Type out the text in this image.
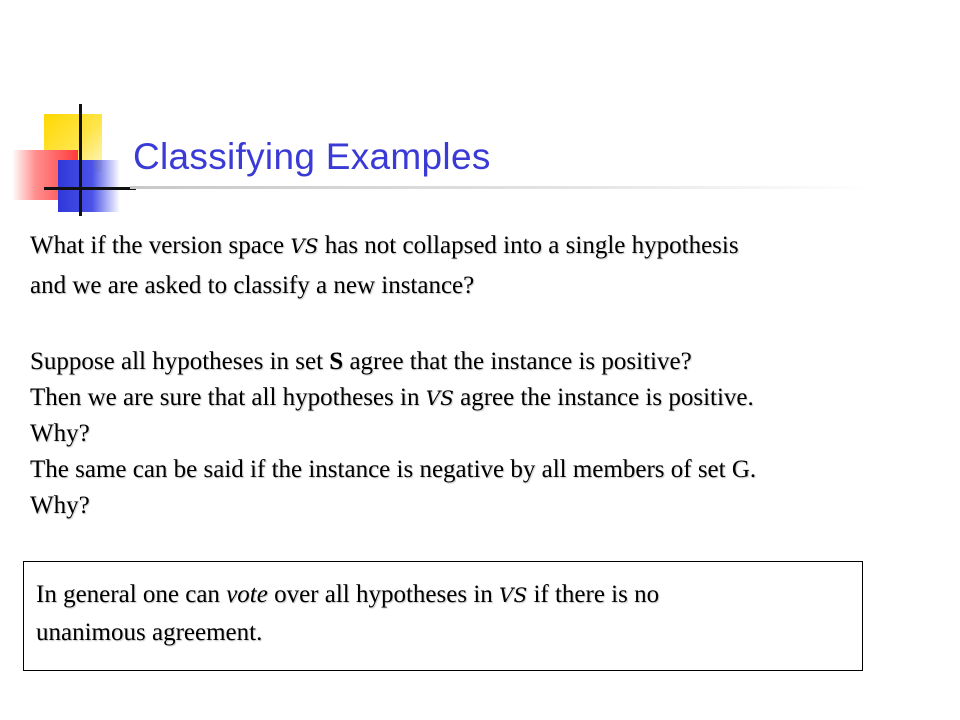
Classifying Examples

What if the version space VS has not collapsed into a single hypothesis
and we are asked to classify a new instance?

Suppose all hypotheses in set S agree that the instance is positive?
Then we are sure that all hypotheses in VS agree the instance is positive.
Why?
The same can be said if the instance is negative by all members of set G.
Why?

In general one can vote over all hypotheses in VS if there is no
unanimous agreement.
